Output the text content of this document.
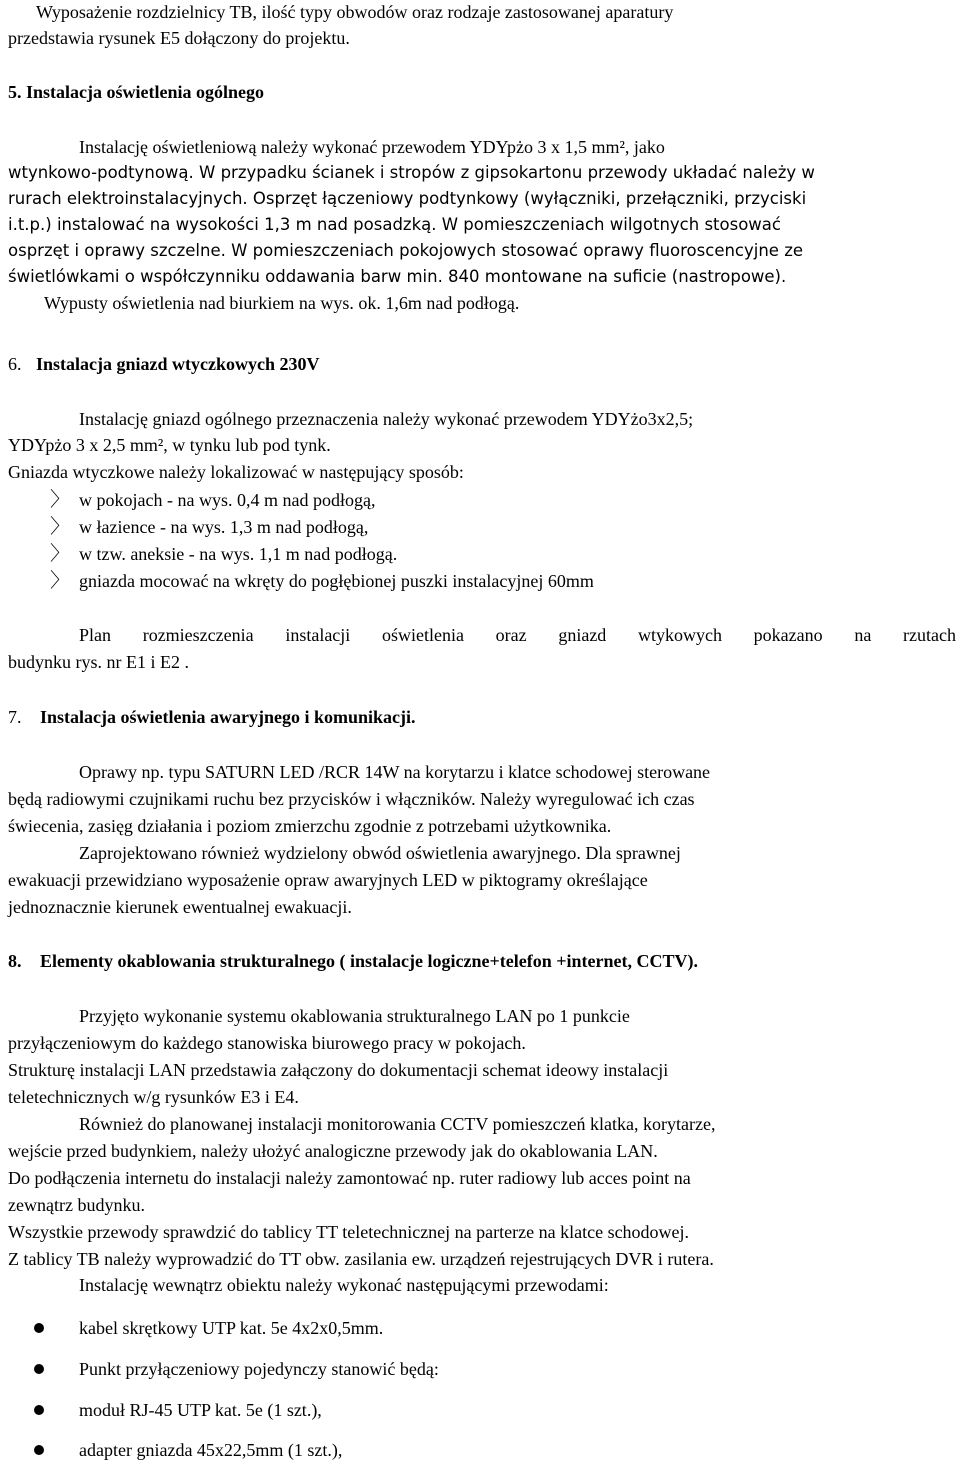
Wyposażenie rozdzielnicy TB, ilość typy obwodów oraz rodzaje zastosowanej aparatury
przedstawia rysunek E5 dołączony do projektu.
5. Instalacja oświetlenia ogólnego
Instalację oświetleniową należy wykonać przewodem YDYpżo 3 x 1,5 mm², jako
wtynkowo-podtynową. W przypadku ścianek i stropów z gipsokartonu przewody układać należy w
rurach elektroinstalacyjnych. Osprzęt łączeniowy podtynkowy (wyłączniki, przełączniki, przyciski
i.t.p.) instalować na wysokości 1,3 m nad posadzką. W pomieszczeniach wilgotnych stosować
osprzęt i oprawy szczelne. W pomieszczeniach pokojowych stosować oprawy fluoroscencyjne ze
świetlówkami o współczynniku oddawania barw min. 840 montowane na suficie (nastropowe).
Wypusty oświetlenia nad biurkiem na wys. ok. 1,6m nad podłogą.
6. Instalacja gniazd wtyczkowych 230V
Instalację gniazd ogólnego przeznaczenia należy wykonać przewodem YDYżo3x2,5;
YDYpżo 3 x 2,5 mm², w tynku lub pod tynk.
Gniazda wtyczkowe należy lokalizować w następujący sposób:
〉 w pokojach - na wys. 0,4 m nad podłogą,
〉 w łazience - na wys. 1,3 m nad podłogą,
〉 w tzw. aneksie - na wys. 1,1 m nad podłogą.
〉 gniazda mocować na wkręty do pogłębionej puszki instalacyjnej 60mm
Plan rozmieszczenia instalacji oświetlenia oraz gniazd wtykowych pokazano na rzutach
budynku rys. nr E1 i E2 .
7. Instalacja oświetlenia awaryjnego i komunikacji.
Oprawy np. typu SATURN LED /RCR 14W na korytarzu i klatce schodowej sterowane
będą radiowymi czujnikami ruchu bez przycisków i włączników. Należy wyregulować ich czas
świecenia, zasięg działania i poziom zmierzchu zgodnie z potrzebami użytkownika.
Zaprojektowano również wydzielony obwód oświetlenia awaryjnego. Dla sprawnej
ewakuacji przewidziano wyposażenie opraw awaryjnych LED w piktogramy określające
jednoznacznie kierunek ewentualnej ewakuacji.
8. Elementy okablowania strukturalnego ( instalacje logiczne+telefon +internet, CCTV).
Przyjęto wykonanie systemu okablowania strukturalnego LAN po 1 punkcie
przyłączeniowym do każdego stanowiska biurowego pracy w pokojach.
Strukturę instalacji LAN przedstawia załączony do dokumentacji schemat ideowy instalacji
teletechnicznych w/g rysunków E3 i E4.
Również do planowanej instalacji monitorowania CCTV pomieszczeń klatka, korytarze,
wejście przed budynkiem, należy ułożyć analogiczne przewody jak do okablowania LAN.
Do podłączenia internetu do instalacji należy zamontować np. ruter radiowy lub acces point na
zewnątrz budynku.
Wszystkie przewody sprawdzić do tablicy TT teletechnicznej na parterze na klatce schodowej.
Z tablicy TB należy wyprowadzić do TT obw. zasilania ew. urządzeń rejestrujących DVR i rutera.
Instalację wewnątrz obiektu należy wykonać następującymi przewodami:
kabel skrętkowy UTP kat. 5e 4x2x0,5mm.
Punkt przyłączeniowy pojedynczy stanowić będą:
moduł RJ-45 UTP kat. 5e (1 szt.),
adapter gniazda 45x22,5mm (1 szt.),
